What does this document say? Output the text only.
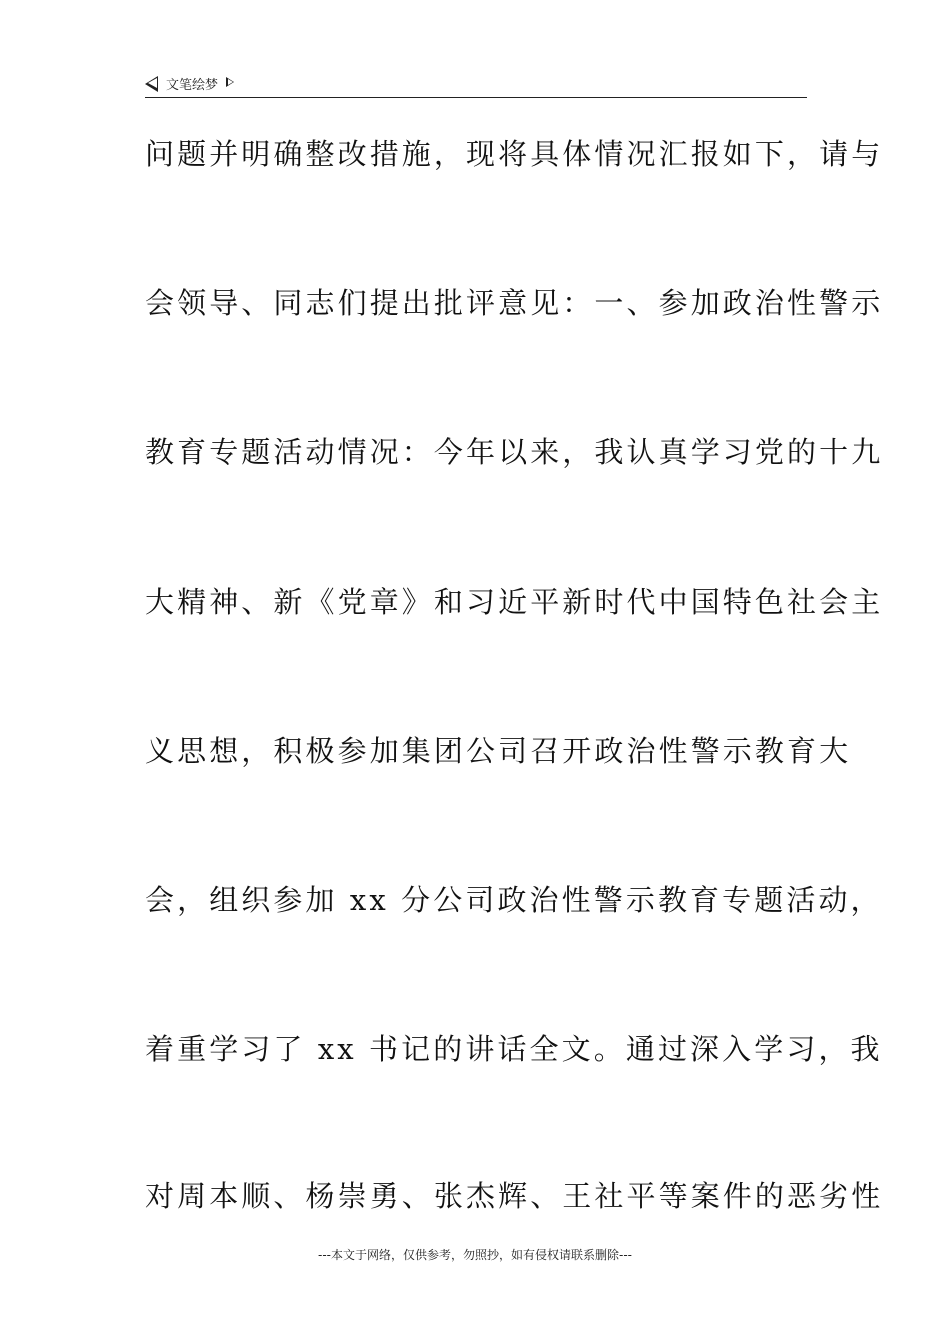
文笔绘梦
问题并明确整改措施，现将具体情况汇报如下，请与
会领导、同志们提出批评意见：一、参加政治性警示
教育专题活动情况：今年以来，我认真学习党的十九
大精神、新《党章》和习近平新时代中国特色社会主
义思想，积极参加集团公司召开政治性警示教育大
会，组织参加 xx 分公司政治性警示教育专题活动，
着重学习了 xx 书记的讲话全文。通过深入学习，我
对周本顺、杨崇勇、张杰辉、王社平等案件的恶劣性
---本文于网络，仅供参考，勿照抄，如有侵权请联系删除---
